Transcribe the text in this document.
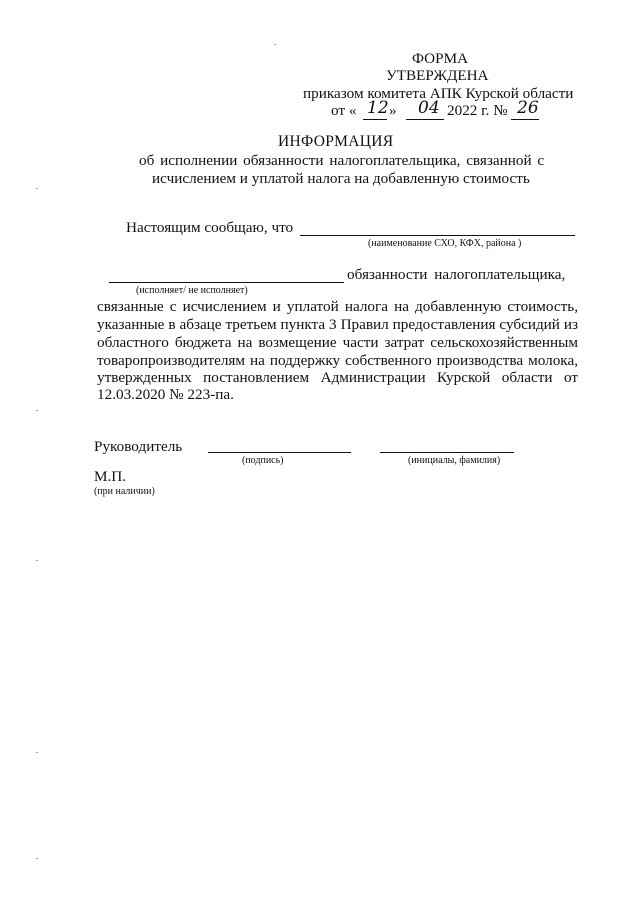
ФОРМА
УТВЕРЖДЕНА
приказом комитета АПК Курской области
от « 12 » 04 2022 г. № 26
ИНФОРМАЦИЯ
об исполнении обязанности налогоплательщика, связанной с
исчислением и уплатой налога на добавленную стоимость
Настоящим сообщаю, что
(наименование СХО, КФХ, района )
обязанности налогоплательщика,
(исполняет/ не исполняет)
связанные с исчислением и уплатой налога на добавленную стоимость,
указанные в абзаце третьем пункта 3 Правил предоставления субсидий из
областного бюджета на возмещение части затрат сельскохозяйственным
товаропроизводителям на поддержку собственного производства молока,
утвержденных постановлением Администрации Курской области от
12.03.2020 № 223-па.
Руководитель
(подпись)	(инициалы, фамилия)
М.П.
(при наличии)
